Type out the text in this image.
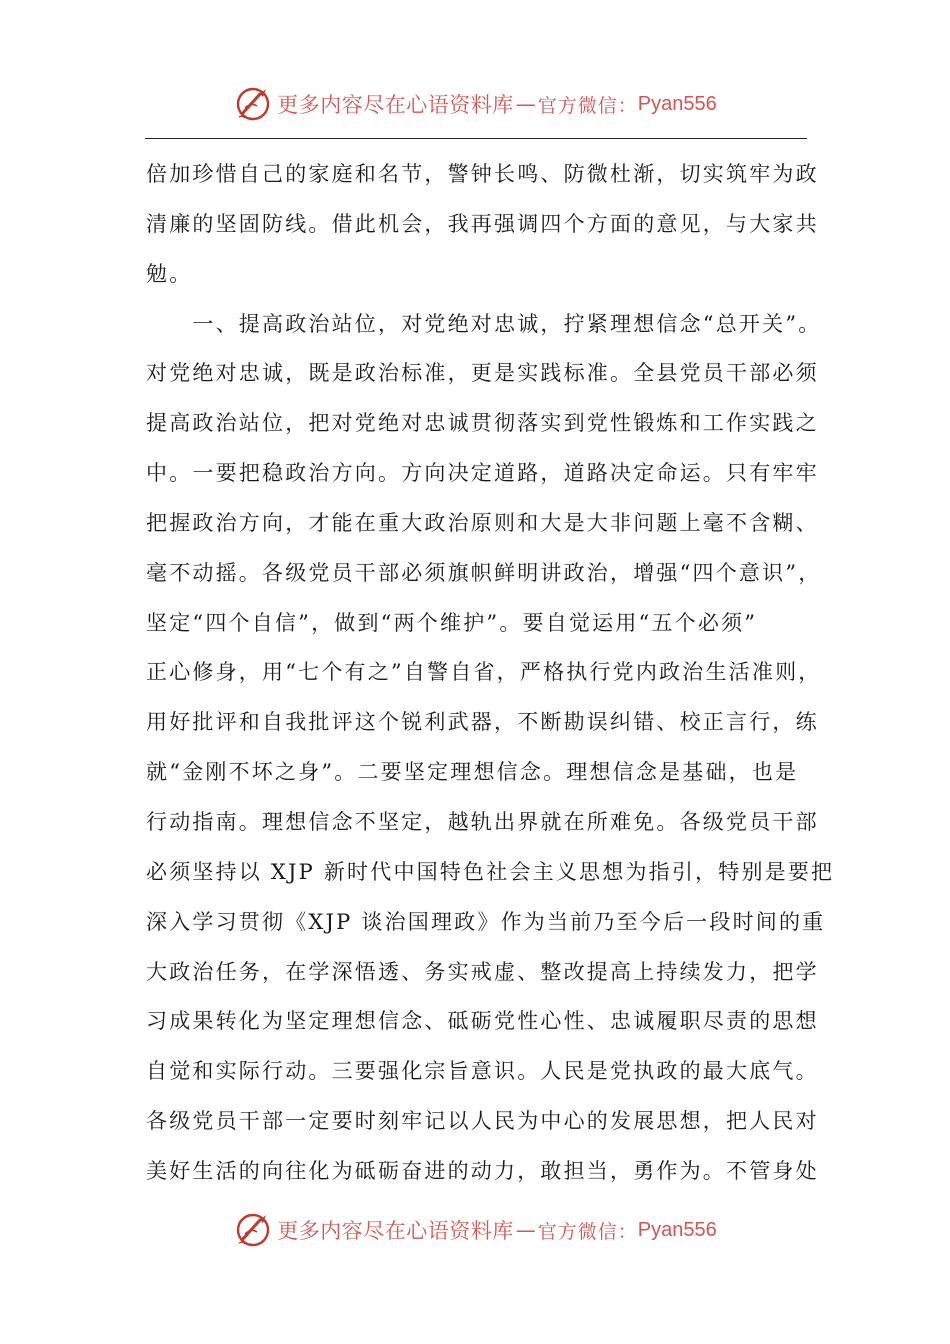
更多内容尽在心语资料库 — 官方微信： Pyan556
倍加珍惜自己的家庭和名节，警钟长鸣、防微杜渐，切实筑牢为政
清廉的坚固防线。借此机会，我再强调四个方面的意见，与大家共
勉。
　　一、提高政治站位，对党绝对忠诚，拧紧理想信念“总开关”。
对党绝对忠诚，既是政治标准，更是实践标准。全县党员干部必须
提高政治站位，把对党绝对忠诚贯彻落实到党性锻炼和工作实践之
中。一要把稳政治方向。方向决定道路，道路决定命运。只有牢牢
把握政治方向，才能在重大政治原则和大是大非问题上毫不含糊、
毫不动摇。各级党员干部必须旗帜鲜明讲政治，增强“四个意识”，
坚定“四个自信”，做到“两个维护”。要自觉运用“五个必须”
正心修身，用“七个有之”自警自省，严格执行党内政治生活准则，
用好批评和自我批评这个锐利武器，不断勘误纠错、校正言行，练
就“金刚不坏之身”。二要坚定理想信念。理想信念是基础，也是
行动指南。理想信念不坚定，越轨出界就在所难免。各级党员干部
必须坚持以 XJP 新时代中国特色社会主义思想为指引，特别是要把
深入学习贯彻《XJP 谈治国理政》作为当前乃至今后一段时间的重
大政治任务，在学深悟透、务实戒虚、整改提高上持续发力，把学
习成果转化为坚定理想信念、砥砺党性心性、忠诚履职尽责的思想
自觉和实际行动。三要强化宗旨意识。人民是党执政的最大底气。
各级党员干部一定要时刻牢记以人民为中心的发展思想，把人民对
美好生活的向往化为砥砺奋进的动力，敢担当，勇作为。不管身处
更多内容尽在心语资料库 — 官方微信： Pyan556
